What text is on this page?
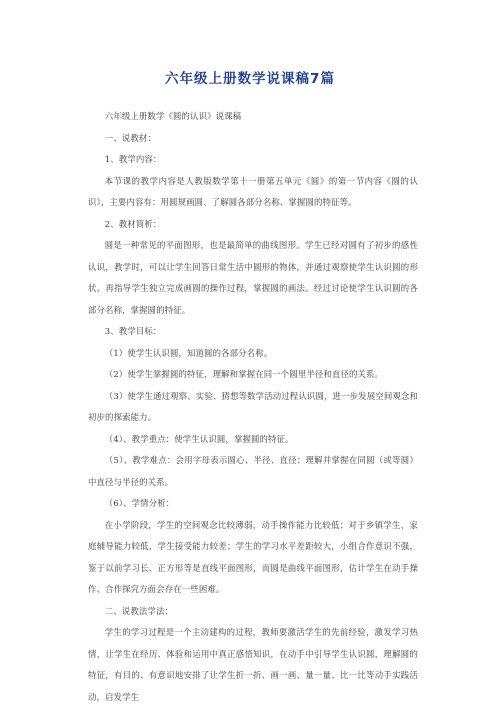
六年级上册数学说课稿7篇

六年级上册数学《圆的认识》说课稿

一、说教材：

1、教学内容：

本节课的教学内容是人教版数学第十一册第五单元《圆》的第一节内容《圆的认识》，主要内容有：用圆规画圆、了解圆各部分名称、掌握圆的特征等。

2、教材简析：

圆是一种常见的平面图形，也是最简单的曲线图形。学生已经对圆有了初步的感性认识，教学时，可以让学生回答日常生活中圆形的物体，并通过观察使学生认识圆的形状。再指导学生独立完成画圆的操作过程，掌握圆的画法。经过讨论使学生认识圆的各部分名称，掌握圆的特征。

3、教学目标：

（1）使学生认识圆，知道圆的各部分名称。

（2）使学生掌握圆的特征，理解和掌握在同一个圆里半径和直径的关系。

（3）使学生通过观察、实验、猜想等数学活动过程认识圆，进一步发展空间观念和初步的探索能力。

（4）、教学重点：使学生认识圆，掌握圆的特征。

（5）、教学难点：会用字母表示圆心、半径、直径；理解并掌握在同圆（或等圆）中直径与半径的关系。

（6）、学情分析：

在小学阶段，学生的空间观念比较薄弱，动手操作能力比较低；对于乡镇学生，家庭辅导能力较低，学生接受能力较差；学生的学习水平差距较大，小组合作意识不强，鉴于以前学习长、正方形等是直线平面图形，而圆是曲线平面图形，估计学生在动手操作、合作探究方面会存在一些困难。

二、说教法学法：

学生的学习过程是一个主动建构的过程，教师要激活学生的先前经验，激发学习热情，让学生在经历、体验和运用中真正感悟知识，在动手中引导学生认识圆，理解圆的特征，有目的、有意识地安排了让学生折一折、画一画、量一量、比一比等动手实践活动，启发学生
